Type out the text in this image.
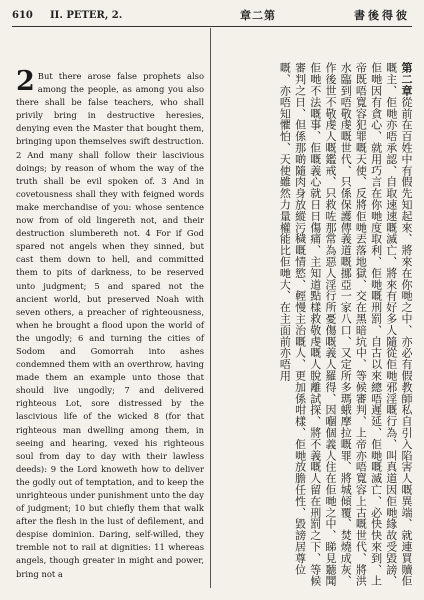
610	II. PETER, 2.	章二第	書後得彼

2 But there arose false prophets also among the people, as among you also there shall be false teachers, who shall privily bring in destructive heresies, denying even the Master that bought them, bringing upon themselves swift destruction. 2 And many shall follow their lascivious doings; by reason of whom the way of the truth shall be evil spoken of. 3 And in covetousness shall they with feigned words make merchandise of you: whose sentence now from of old lingereth not, and their destruction slumbereth not. 4 For if God spared not angels when they sinned, but cast them down to hell, and committed them to pits of darkness, to be reserved unto judgment; 5 and spared not the ancient world, but preserved Noah with seven others, a preacher of righteousness, when he brought a flood upon the world of the ungodly; 6 and turning the cities of Sodom and Gomorrah into ashes condemned them with an overthrow, having made them an example unto those that should live ungodly; 7 and delivered righteous Lot, sore distressed by the lascivious life of the wicked 8 (for that righteous man dwelling among them, in seeing and hearing, vexed his righteous soul from day to day with their lawless deeds): 9 the Lord knoweth how to deliver the godly out of temptation, and to keep the unrighteous under punishment unto the day of judgment; 10 but chiefly them that walk after the flesh in the lust of defilement, and despise dominion. Daring, self-willed, they tremble not to rail at dignities: 11 whereas angels, though greater in might and power, bring not a

第二章從前在百姓中有假先知起來、將來在你哋之中、亦必有假教師私自引入陷害人嘅異端、就連買贖佢嘅主、佢哋亦唔承認、自取速速嘅滅亡、將來有好多人隨從佢哋邪淫嘅行為、叫真道因佢哋緣故受毀謗、佢哋因有貪心、就用巧言在你哋度取利、佢哋嘅刑罰、自古以來總唔遲延、佢哋嘅滅亡、必快快來到、上帝既唔寬容犯罪嘅天使、反將佢哋丟落地獄、交在黑暗坑中、等候審判、上帝亦唔寬容上古嘅世代、將洪水臨到唔敬虔嘅世代、只係保護傳義道嘅挪亞一家八口、又定所多瑪蛾摩拉嘅罪、將城傾覆、焚燒成灰、作後世不敬虔人嘅鑑戒、只救咗那常為惡人淫行所憂傷嘅義人羅得、因嗰個義人住在佢哋之中、睇見聽聞佢哋不法嘅事、佢嘅義心就日日傷痛、主知道點樣救敬虔嘅人脫離試探、將不義嘅人留在刑罰之下、等候審判之日、但係那啲隨肉身放縱污穢嘅情慾、輕慢主治嘅人、更加係咁樣、佢哋放膽任性、毀謗居尊位嘅、亦唔知懼怕、天使雖然力量權能比佢哋大、在主面前亦唔用
